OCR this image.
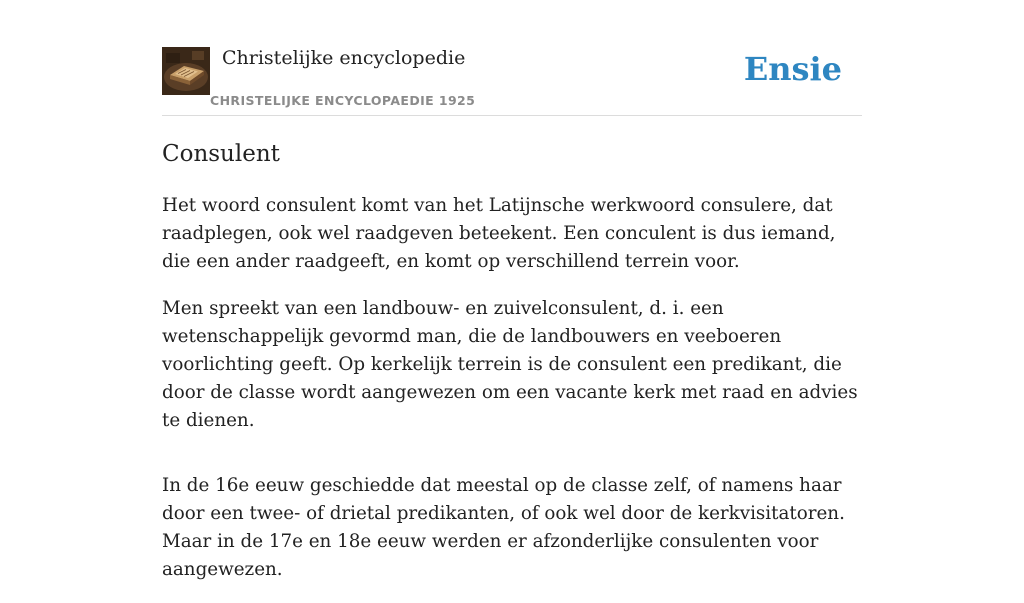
Christelijke encyclopedie
CHRISTELIJKE ENCYCLOPAEDIE 1925
Ensie
Consulent

Het woord consulent komt van het Latijnsche werkwoord consulere, dat raadplegen, ook wel raadgeven beteekent. Een conculent is dus iemand, die een ander raadgeeft, en komt op verschillend terrein voor.

Men spreekt van een landbouw- en zuivelconsulent, d. i. een wetenschappelijk gevormd man, die de landbouwers en veeboeren voorlichting geeft. Op kerkelijk terrein is de consulent een predikant, die door de classe wordt aangewezen om een vacante kerk met raad en advies te dienen.

In de 16e eeuw geschiedde dat meestal op de classe zelf, of namens haar door een twee- of drietal predikanten, of ook wel door de kerkvisitatoren. Maar in de 17e en 18e eeuw werden er afzonderlijke consulenten voor aangewezen.
